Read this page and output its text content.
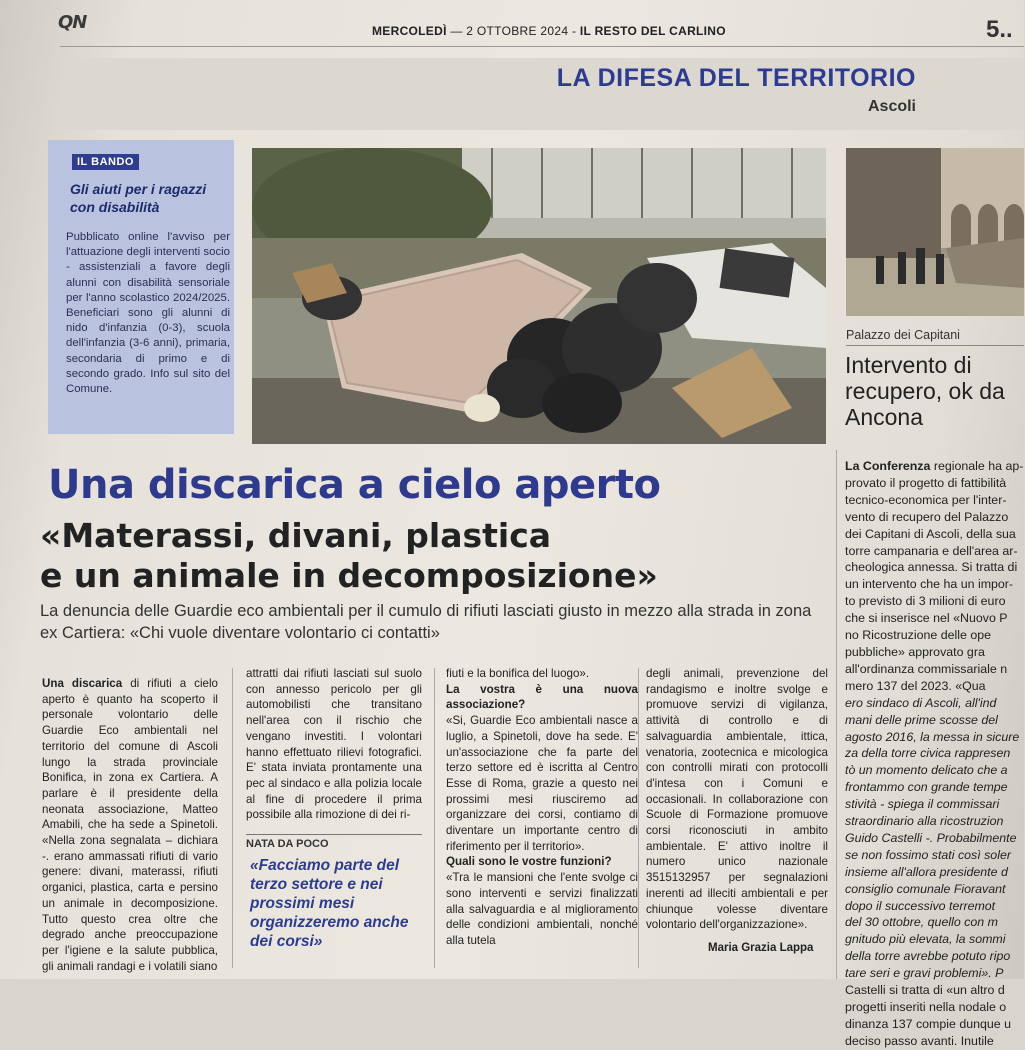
QN	MERCOLEDÌ — 2 OTTOBRE 2024 - IL RESTO DEL CARLINO	5..
LA DIFESA DEL TERRITORIO
Ascoli
IL BANDO
Gli aiuti per i ragazzi con disabilità
Pubblicato online l'avviso per l'attuazione degli interventi socio - assistenziali a favore degli alunni con disabilità sensoriale per l'anno scolastico 2024/2025. Beneficiari sono gli alunni di nido d'infanzia (0-3), scuola dell'infanzia (3-6 anni), primaria, secondaria di primo e di secondo grado. Info sul sito del Comune.
Palazzo dei Capitani
Intervento di recupero, ok da Ancona
La Conferenza regionale ha ap-
provato il progetto di fattibilità
tecnico-economica per l'inter-
vento di recupero del Palazzo
dei Capitani di Ascoli, della sua
torre campanaria e dell'area ar-
cheologica annessa. Si tratta di
un intervento che ha un impor-
to previsto di 3 milioni di euro
che si inserisce nel «Nuovo P
no Ricostruzione delle ope
pubbliche» approvato gra
all'ordinanza commissariale n
mero 137 del 2023. «Qua
ero sindaco di Ascoli, all'ind
mani delle prime scosse del
agosto 2016, la messa in sicure
za della torre civica rappresen
tò un momento delicato che a
frontammo con grande tempe
stività - spiega il commissari
straordinario alla ricostruzion
Guido Castelli -. Probabilmente
se non fossimo stati così soler
insieme all'allora presidente d
consiglio comunale Fioravant
dopo il successivo terremot
del 30 ottobre, quello con m
gnitudo più elevata, la sommi
della torre avrebbe potuto ripo
tare seri e gravi problemi». P
Castelli si tratta di «un altro d
progetti inseriti nella nodale o
dinanza 137 compie dunque u
deciso passo avanti. Inutile
Una discarica a cielo aperto
«Materassi, divani, plastica
e un animale in decomposizione»
La denuncia delle Guardie eco ambientali per il cumulo di rifiuti lasciati giusto in mezzo alla strada in zona ex Cartiera: «Chi vuole diventare volontario ci contatti»

Una discarica di rifiuti a cielo aperto è quanto ha scoperto il personale volontario delle Guardie Eco ambientali nel territorio del comune di Ascoli lungo la strada provinciale Bonifica, in zona ex Cartiera. A parlare è il presidente della neonata associazione, Matteo Amabili, che ha sede a Spinetoli. «Nella zona segnalata – dichiara -. erano ammassati rifiuti di vario genere: divani, materassi, rifiuti organici, plastica, carta e persino un animale in decomposizione. Tutto questo crea oltre che degrado anche preoccupazione per l'igiene e la salute pubblica, gli animali randagi e i volatili siano

attratti dai rifiuti lasciati sul suolo con annesso pericolo per gli automobilisti che transitano nell'area con il rischio che vengano investiti. I volontari hanno effettuato rilievi fotografici. E' stata inviata prontamente una pec al sindaco e alla polizia locale al fine di procedere il prima possibile alla rimozione di dei ri-

NATA DA POCO
«Facciamo parte del terzo settore e nei prossimi mesi organizzeremo anche dei corsi»

fiuti e la bonifica del luogo».

La vostra è una nuova associazione?

«Si, Guardie Eco ambientali nasce a luglio, a Spinetoli, dove ha sede. E' un'associazione che fa parte del terzo settore ed è iscritta al Centro Esse di Roma, grazie a questo nei prossimi mesi riusciremo ad organizzare dei corsi, contiamo di diventare un importante centro di riferimento per il territorio».

Quali sono le vostre funzioni?

«Tra le mansioni che l'ente svolge ci sono interventi e servizi finalizzati alla salvaguardia e al miglioramento delle condizioni ambientali, nonché alla tutela

degli animali, prevenzione del randagismo e inoltre svolge e promuove servizi di vigilanza, attività di controllo e di salvaguardia ambientale, ittica, venatoria, zootecnica e micologica con controlli mirati con protocolli d'intesa con i Comuni e occasionali. In collaborazione con Scuole di Formazione promuove corsi riconosciuti in ambito ambientale. E' attivo inoltre il numero unico nazionale 3515132957 per segnalazioni inerenti ad illeciti ambientali e per chiunque volesse diventare volontario dell'organizzazione».

Maria Grazia Lappa
